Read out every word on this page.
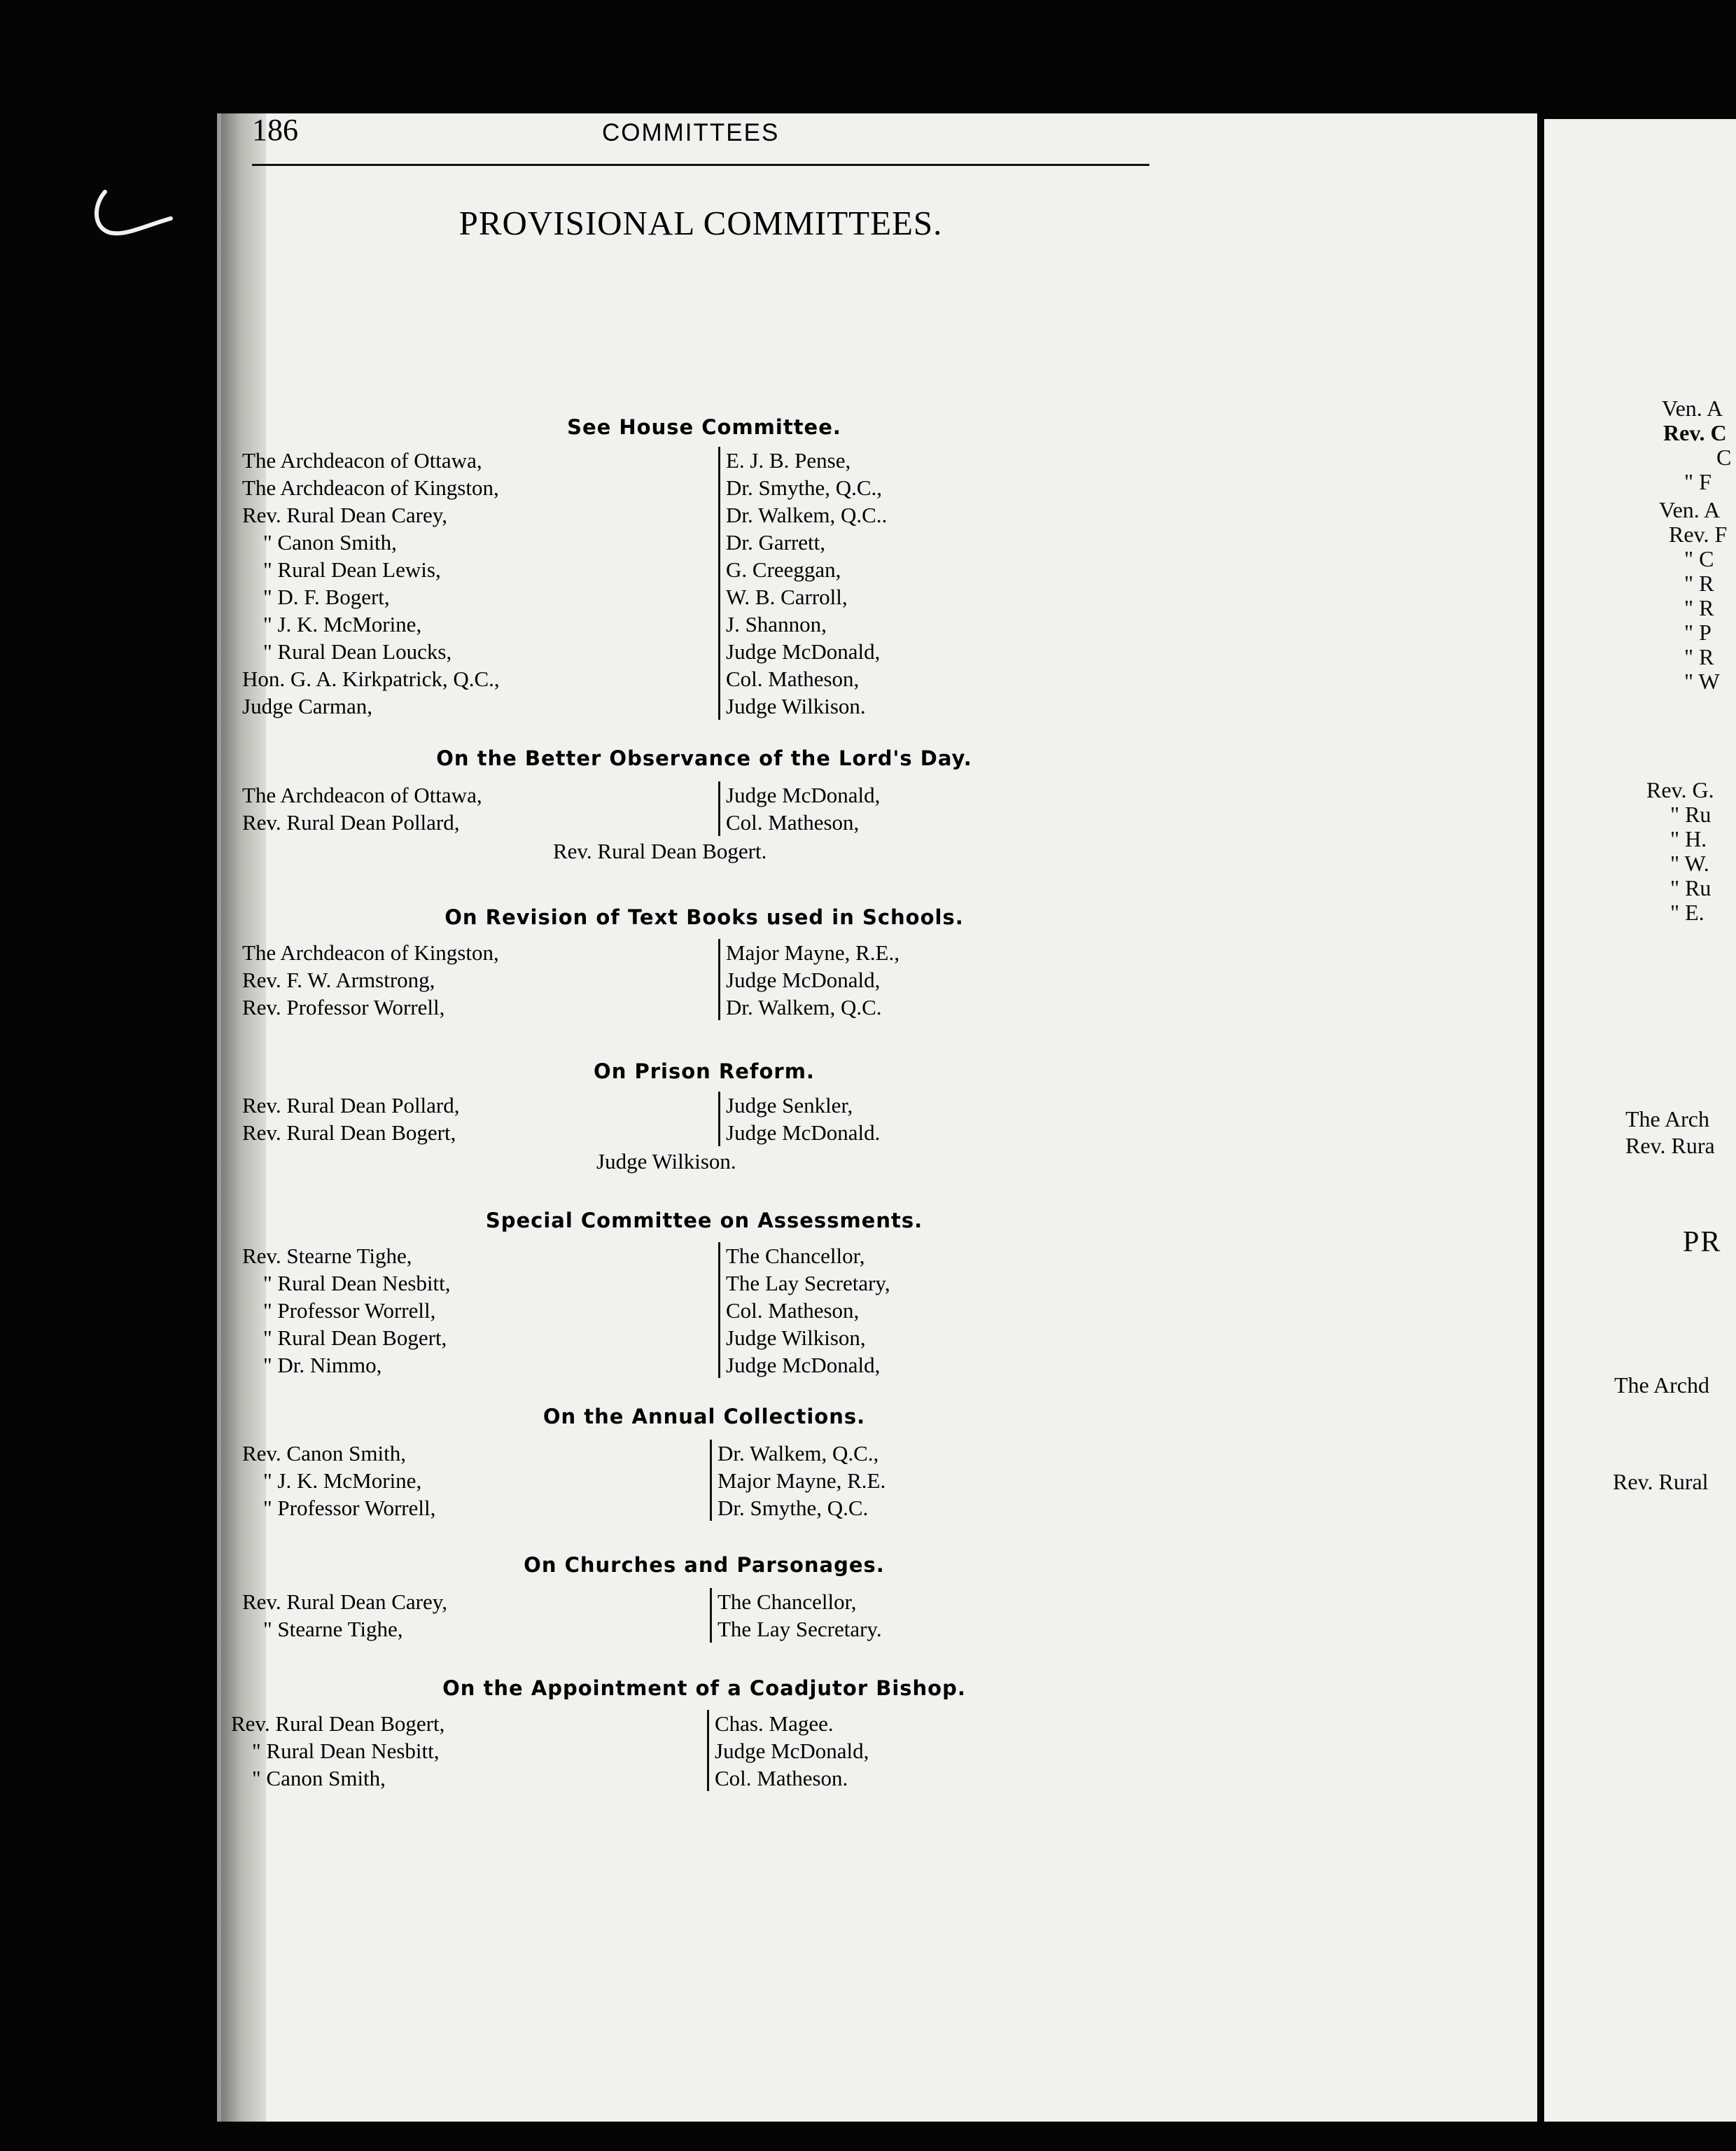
Ven. A
Rev. C
C
" F
Ven. A
Rev. F
" C
" R
" R
" P
" R
" W
Rev. G.
" Ru
" H.
" W.
" Ru
" E.
The Arch
Rev. Rura
PR
The Archd
Rev. Rural
186	COMMITTEES
PROVISIONAL COMMITTEES.
See House Committee.
The Archdeacon of Ottawa,
The Archdeacon of Kingston,
Rev. Rural Dean Carey,
" Canon Smith,
" Rural Dean Lewis,
" D. F. Bogert,
" J. K. McMorine,
" Rural Dean Loucks,
Hon. G. A. Kirkpatrick, Q.C.,
Judge Carman,
E. J. B. Pense,
Dr. Smythe, Q.C.,
Dr. Walkem, Q.C..
Dr. Garrett,
G. Creeggan,
W. B. Carroll,
J. Shannon,
Judge McDonald,
Col. Matheson,
Judge Wilkison.
On the Better Observance of the Lord's Day.
The Archdeacon of Ottawa,
Rev. Rural Dean Pollard,
Judge McDonald,
Col. Matheson,
Rev. Rural Dean Bogert.
On Revision of Text Books used in Schools.
The Archdeacon of Kingston,
Rev. F. W. Armstrong,
Rev. Professor Worrell,
Major Mayne, R.E.,
Judge McDonald,
Dr. Walkem, Q.C.
On Prison Reform.
Rev. Rural Dean Pollard,
Rev. Rural Dean Bogert,
Judge Senkler,
Judge McDonald.
Judge Wilkison.
Special Committee on Assessments.
Rev. Stearne Tighe,
" Rural Dean Nesbitt,
" Professor Worrell,
" Rural Dean Bogert,
" Dr. Nimmo,
The Chancellor,
The Lay Secretary,
Col. Matheson,
Judge Wilkison,
Judge McDonald,
On the Annual Collections.
Rev. Canon Smith,
" J. K. McMorine,
" Professor Worrell,
Dr. Walkem, Q.C.,
Major Mayne, R.E.
Dr. Smythe, Q.C.
On Churches and Parsonages.
Rev. Rural Dean Carey,
" Stearne Tighe,
The Chancellor,
The Lay Secretary.
On the Appointment of a Coadjutor Bishop.
Rev. Rural Dean Bogert,
" Rural Dean Nesbitt,
" Canon Smith,
Chas. Magee.
Judge McDonald,
Col. Matheson.
